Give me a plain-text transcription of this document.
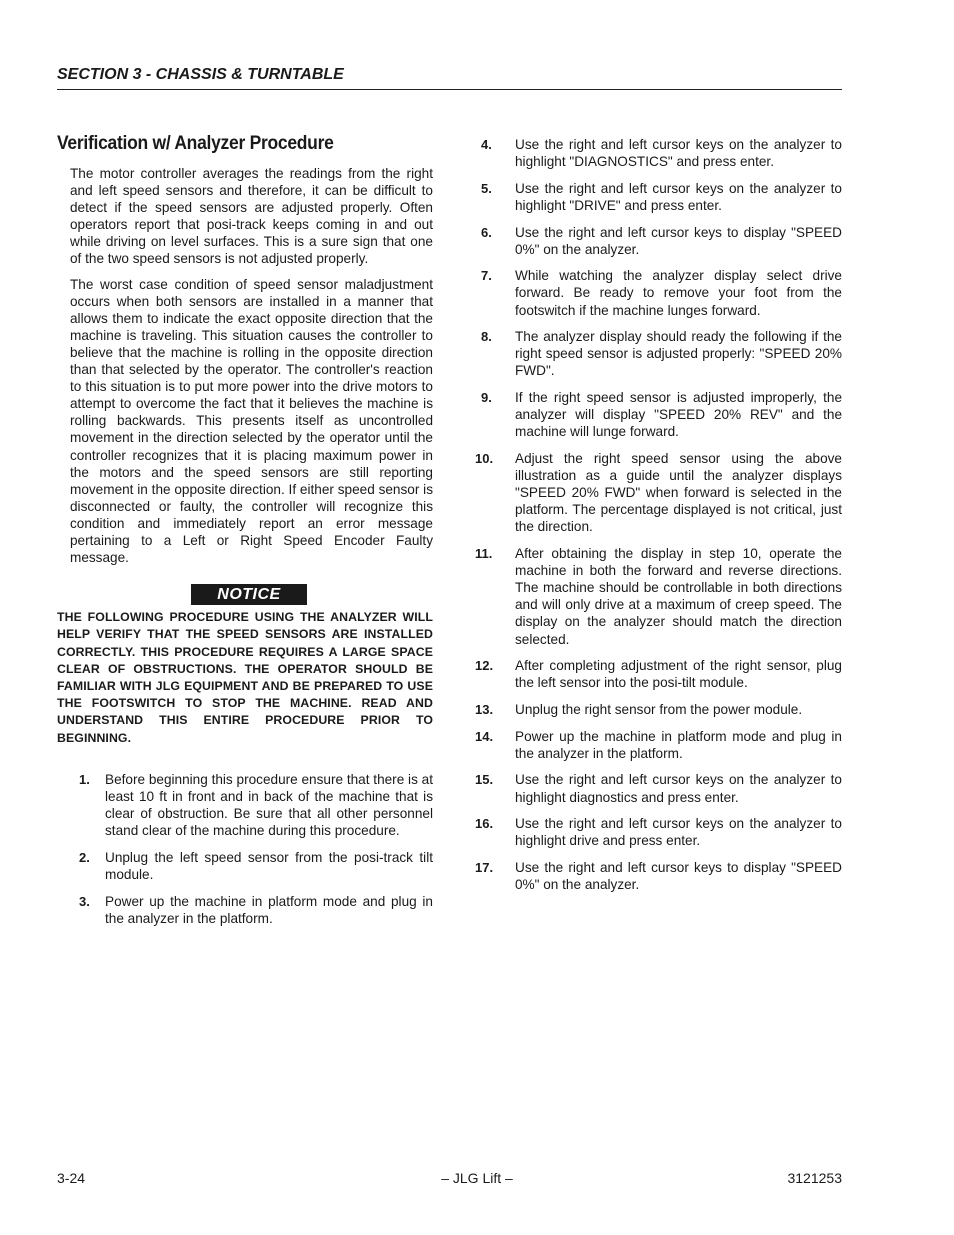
SECTION 3 - CHASSIS & TURNTABLE
Verification w/ Analyzer Procedure

The motor controller averages the readings from the right and left speed sensors and therefore, it can be difficult to detect if the speed sensors are adjusted properly. Often operators report that posi-track keeps coming in and out while driving on level surfaces. This is a sure sign that one of the two speed sensors is not adjusted properly.

The worst case condition of speed sensor maladjustment occurs when both sensors are installed in a manner that allows them to indicate the exact opposite direction that the machine is traveling. This situation causes the controller to believe that the machine is rolling in the opposite direction than that selected by the operator. The controller's reaction to this situation is to put more power into the drive motors to attempt to overcome the fact that it believes the machine is rolling backwards. This presents itself as uncontrolled movement in the direction selected by the operator until the controller recognizes that it is placing maximum power in the motors and the speed sensors are still reporting movement in the opposite direction. If either speed sensor is disconnected or faulty, the controller will recognize this condition and immediately report an error message pertaining to a Left or Right Speed Encoder Faulty message.

NOTICE

THE FOLLOWING PROCEDURE USING THE ANALYZER WILL HELP VERIFY THAT THE SPEED SENSORS ARE INSTALLED CORRECTLY. THIS PROCEDURE REQUIRES A LARGE SPACE CLEAR OF OBSTRUCTIONS. THE OPERATOR SHOULD BE FAMILIAR WITH JLG EQUIPMENT AND BE PREPARED TO USE THE FOOTSWITCH TO STOP THE MACHINE. READ AND UNDERSTAND THIS ENTIRE PROCEDURE PRIOR TO BEGINNING.

1.	Before beginning this procedure ensure that there is at least 10 ft in front and in back of the machine that is clear of obstruction. Be sure that all other personnel stand clear of the machine during this procedure.
2.	Unplug the left speed sensor from the posi-track tilt module.
3.	Power up the machine in platform mode and plug in the analyzer in the platform.
4.	Use the right and left cursor keys on the analyzer to highlight "DIAGNOSTICS" and press enter.
5.	Use the right and left cursor keys on the analyzer to highlight "DRIVE" and press enter.
6.	Use the right and left cursor keys to display "SPEED 0%" on the analyzer.
7.	While watching the analyzer display select drive forward. Be ready to remove your foot from the footswitch if the machine lunges forward.
8.	The analyzer display should ready the following if the right speed sensor is adjusted properly: "SPEED 20% FWD".
9.	If the right speed sensor is adjusted improperly, the analyzer will display "SPEED 20% REV" and the machine will lunge forward.
10.	Adjust the right speed sensor using the above illustration as a guide until the analyzer displays "SPEED 20% FWD" when forward is selected in the platform. The percentage displayed is not critical, just the direction.
11.	After obtaining the display in step 10, operate the machine in both the forward and reverse directions. The machine should be controllable in both directions and will only drive at a maximum of creep speed. The display on the analyzer should match the direction selected.
12.	After completing adjustment of the right sensor, plug the left sensor into the posi-tilt module.
13.	Unplug the right sensor from the power module.
14.	Power up the machine in platform mode and plug in the analyzer in the platform.
15.	Use the right and left cursor keys on the analyzer to highlight diagnostics and press enter.
16.	Use the right and left cursor keys on the analyzer to highlight drive and press enter.
17.	Use the right and left cursor keys to display "SPEED 0%" on the analyzer.
3-24	– JLG Lift –	3121253
